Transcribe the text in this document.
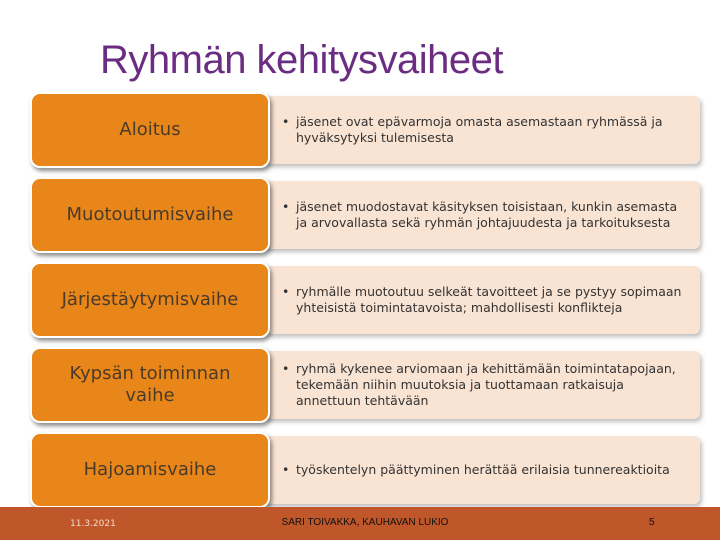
Ryhmän kehitysvaiheet
• jäsenet ovat epävarmoja omasta asemastaan ryhmässä ja hyväksytyksi tulemisesta
Aloitus
• jäsenet muodostavat käsityksen toisistaan, kunkin asemasta ja arvovallasta sekä ryhmän johtajuudesta ja tarkoituksesta
Muotoutumisvaihe
• ryhmälle muotoutuu selkeät tavoitteet ja se pystyy sopimaan yhteisistä toimintatavoista; mahdollisesti konflikteja
Järjestäytymisvaihe
• ryhmä kykenee arviomaan ja kehittämään toimintatapojaan, tekemään niihin muutoksia ja tuottamaan ratkaisuja annettuun tehtävään
Kypsän toiminnan vaihe
• työskentelyn päättyminen herättää erilaisia tunnereaktioita
Hajoamisvaihe
11.3.2021	SARI TOIVAKKA, KAUHAVAN LUKIO	5
